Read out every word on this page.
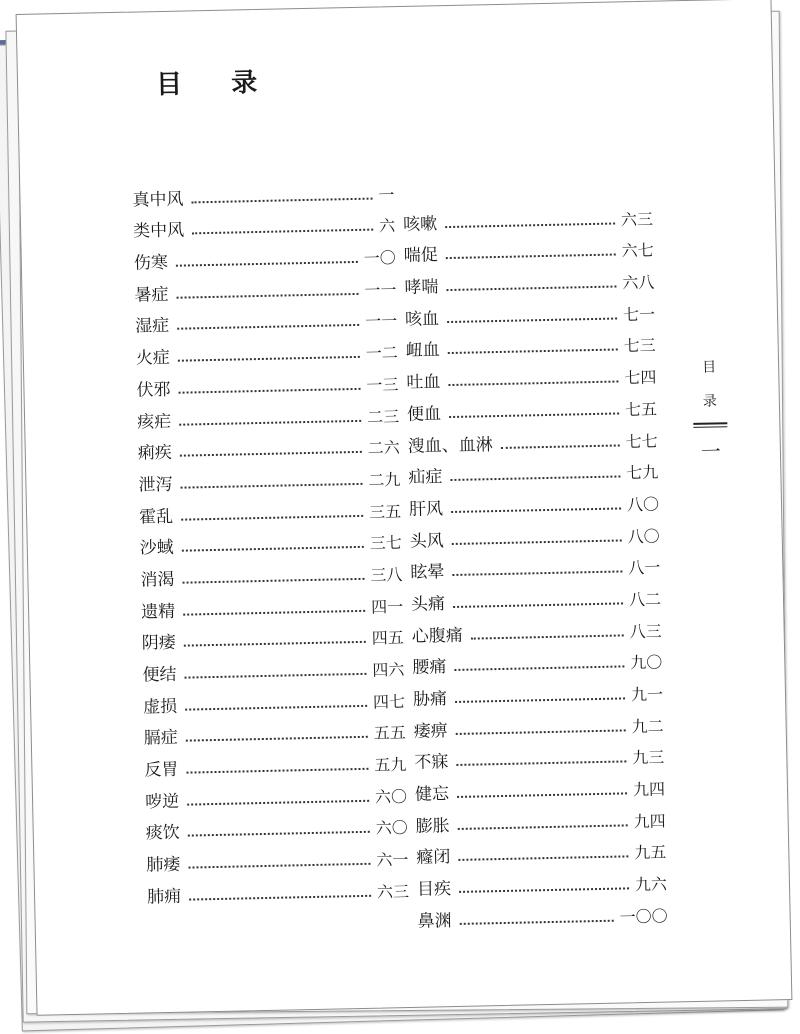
目 录
真中风	一
类中风	六
伤寒	一〇
暑症	一一
湿症	一一
火症	一二
伏邪	一三
痎疟	二三
痢疾	二六
泄泻	二九
霍乱	三五
沙蜮	三七
消渴	三八
遗精	四一
阴痿	四五
便结	四六
虚损	四七
膈症	五五
反胃	五九
哕逆	六〇
痰饮	六〇
肺痿	六一
肺痈	六三
咳嗽	六三
喘促	六七
哮喘	六八
咳血	七一
衄血	七三
吐血	七四
便血	七五
溲血、血淋	七七
疝症	七九
肝风	八〇
头风	八〇
眩晕	八一
头痛	八二
心腹痛	八三
腰痛	九〇
胁痛	九一
痿痹	九二
不寐	九三
健忘	九四
膨胀	九四
癃闭	九五
目疾	九六
鼻渊	一〇〇
目
录
一
